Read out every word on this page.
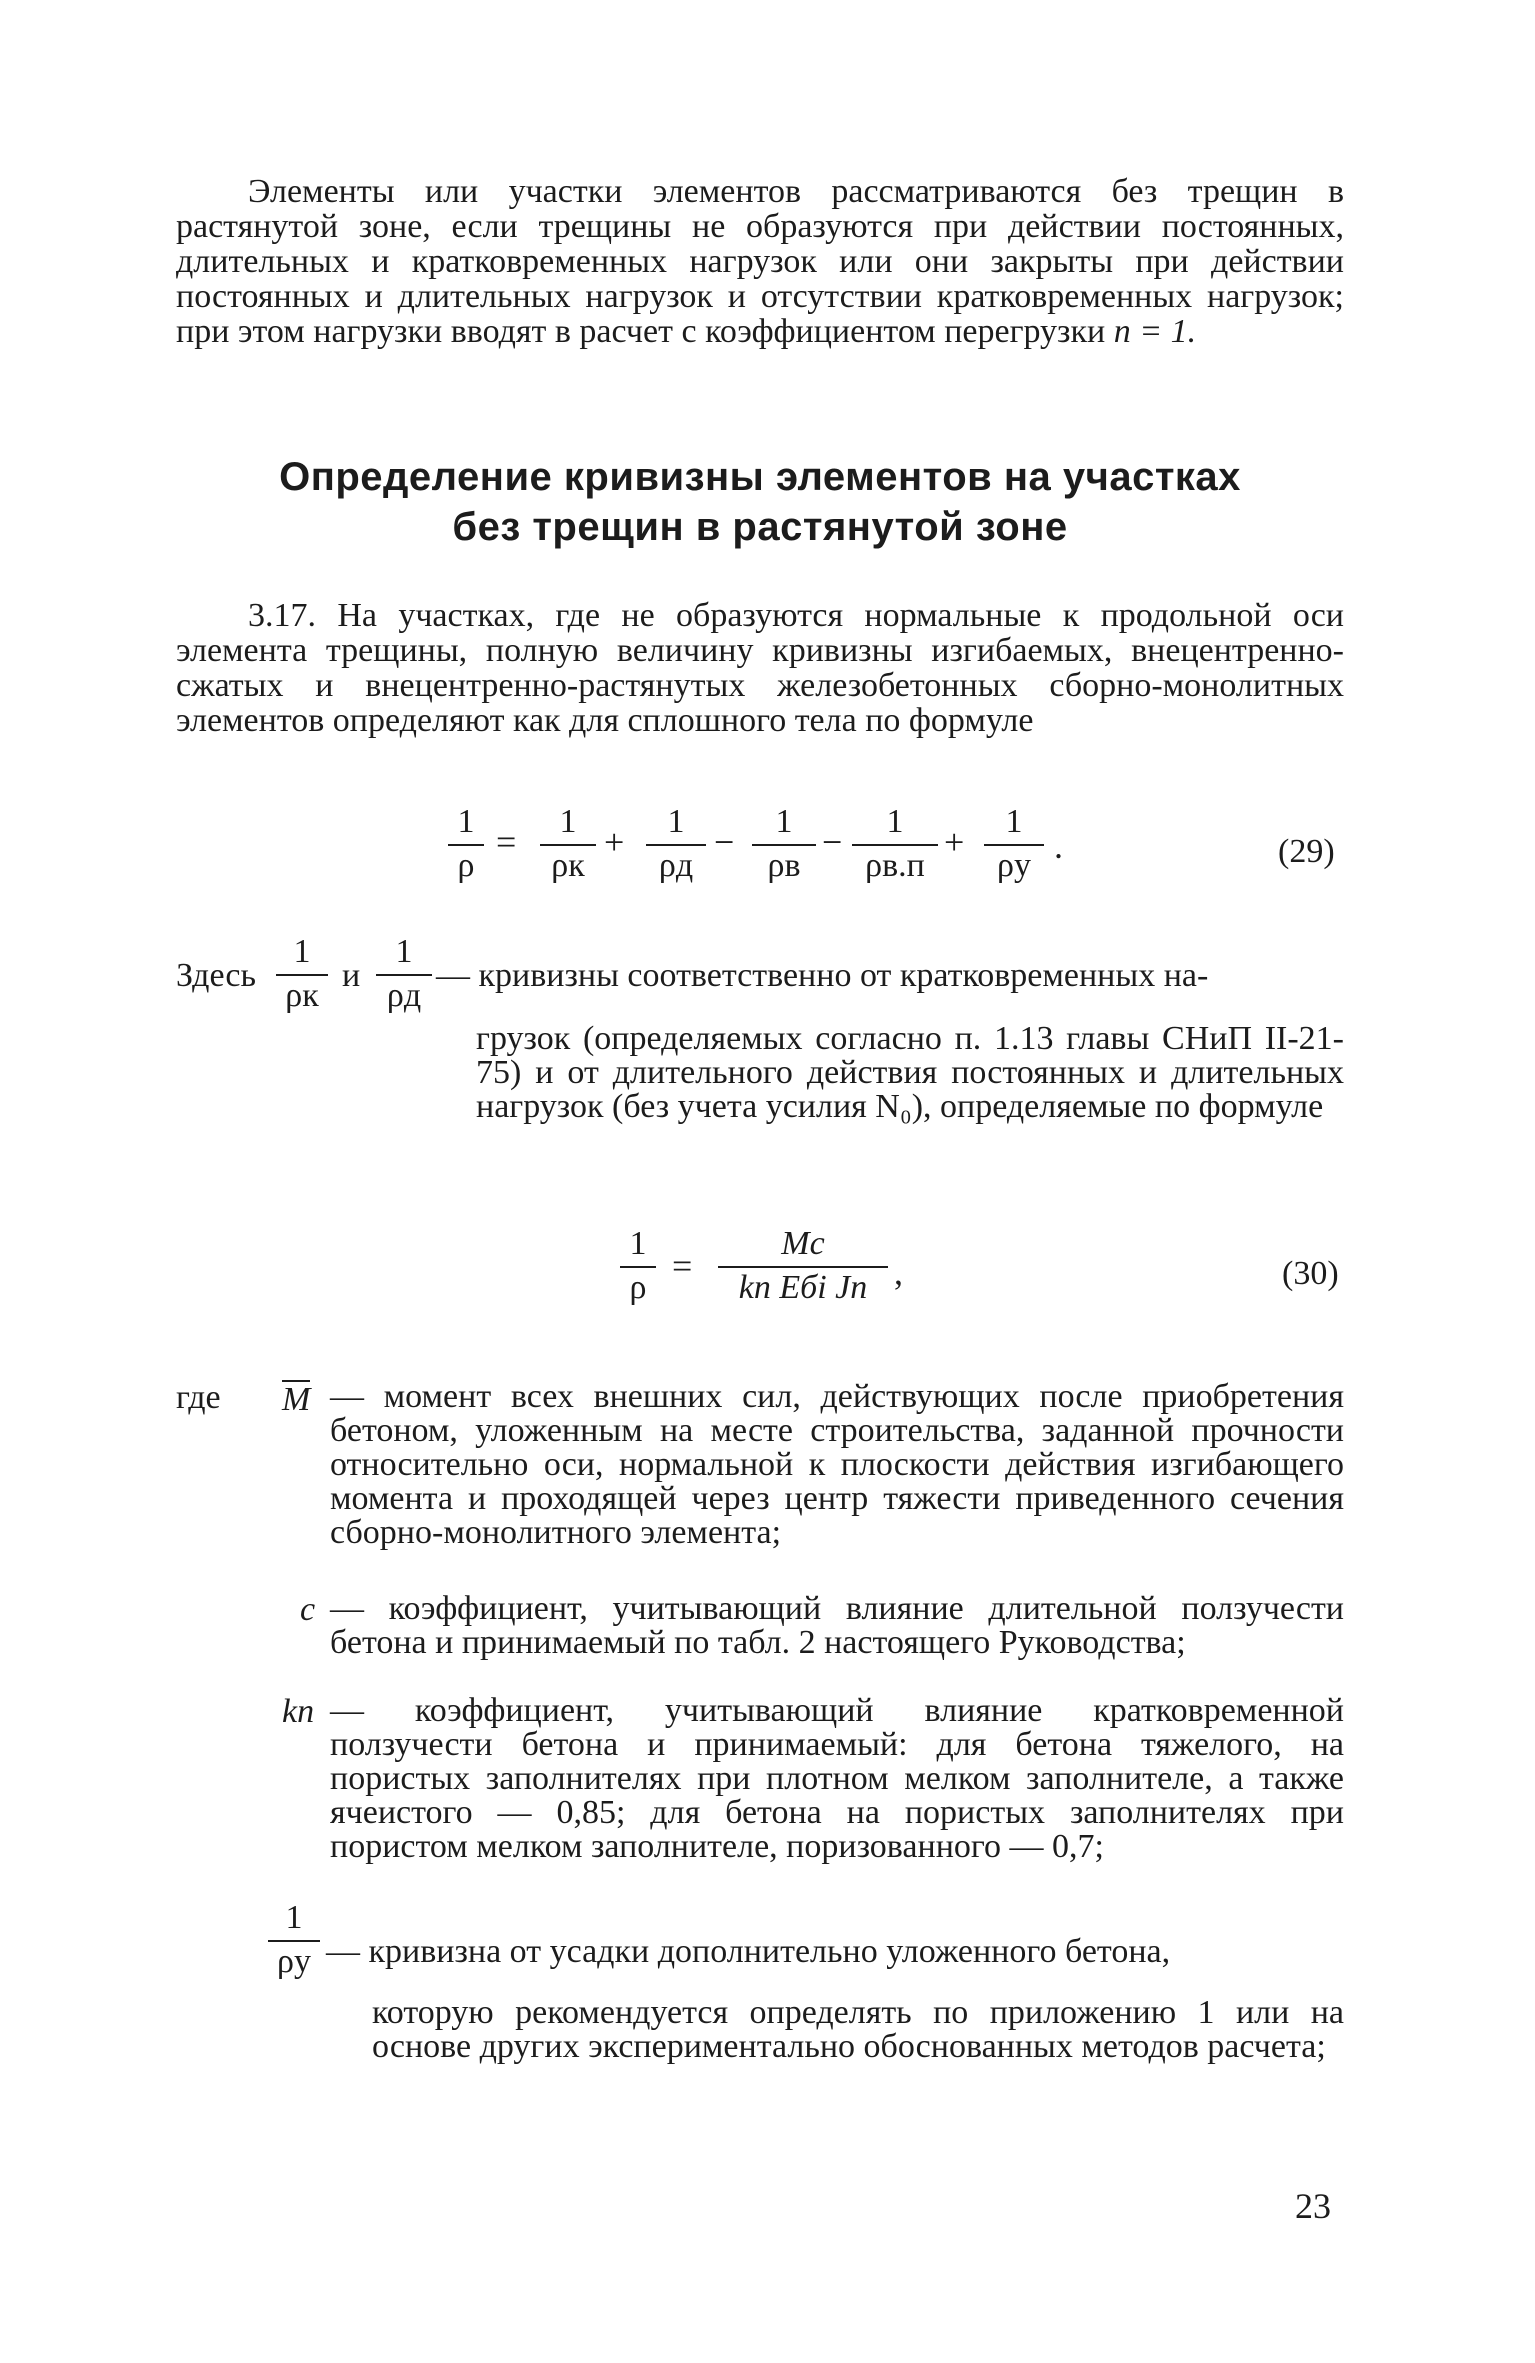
Элементы или участки элементов рассматриваются без трещин в растянутой зоне, если трещины не образуются при действии постоянных, длительных и кратковременных нагрузок или они закрыты при действии постоянных и длительных нагрузок и отсутствии кратковременных нагрузок; при этом нагрузки вводят в расчет с коэффициентом перегрузки n = 1.

Определение кривизны элементов на участках
без трещин в растянутой зоне

3.17. На участках, где не образуются нормальные к продольной оси элемента трещины, полную величину кривизны изгибаемых, внецентренно-сжатых и внецентренно-растянутых железобетонных сборно-монолитных элементов определяют как для сплошного тела по формуле

1
ρ
=
1
ρк
+
1
ρд
−
1
ρв
−
1
ρв.п
+
1
ρу .	(29)
Здесь
1
ρк
и
1
ρд
— кривизны соответственно от кратковременных на-

грузок (определяемых согласно п. 1.13 главы СНиП II-21-75) и от длительного действия постоянных и длительных нагрузок (без учета усилия N₀), определяемые по формуле

1
ρ
=
Mc
kп Eбi Jп ,	(30)
где M — момент всех внешних сил, действующих после приобретения бетоном, уложенным на месте строительства, заданной прочности относительно оси, нормальной к плоскости действия изгибающего момента и проходящей через центр тяжести приведенного сечения сборно-монолитного элемента;

c — коэффициент, учитывающий влияние длительной ползучести бетона и принимаемый по табл. 2 настоящего Руководства;

kп — коэффициент, учитывающий влияние кратковременной ползучести бетона и принимаемый: для бетона тяжелого, на пористых заполнителях при плотном мелком заполнителе, а также ячеистого — 0,85; для бетона на пористых заполнителях при пористом мелком заполнителе, поризованного — 0,7;

1
ρу — кривизна от усадки дополнительно уложенного бетона,

которую рекомендуется определять по приложению 1 или на основе других экспериментально обоснованных методов расчета;

23
